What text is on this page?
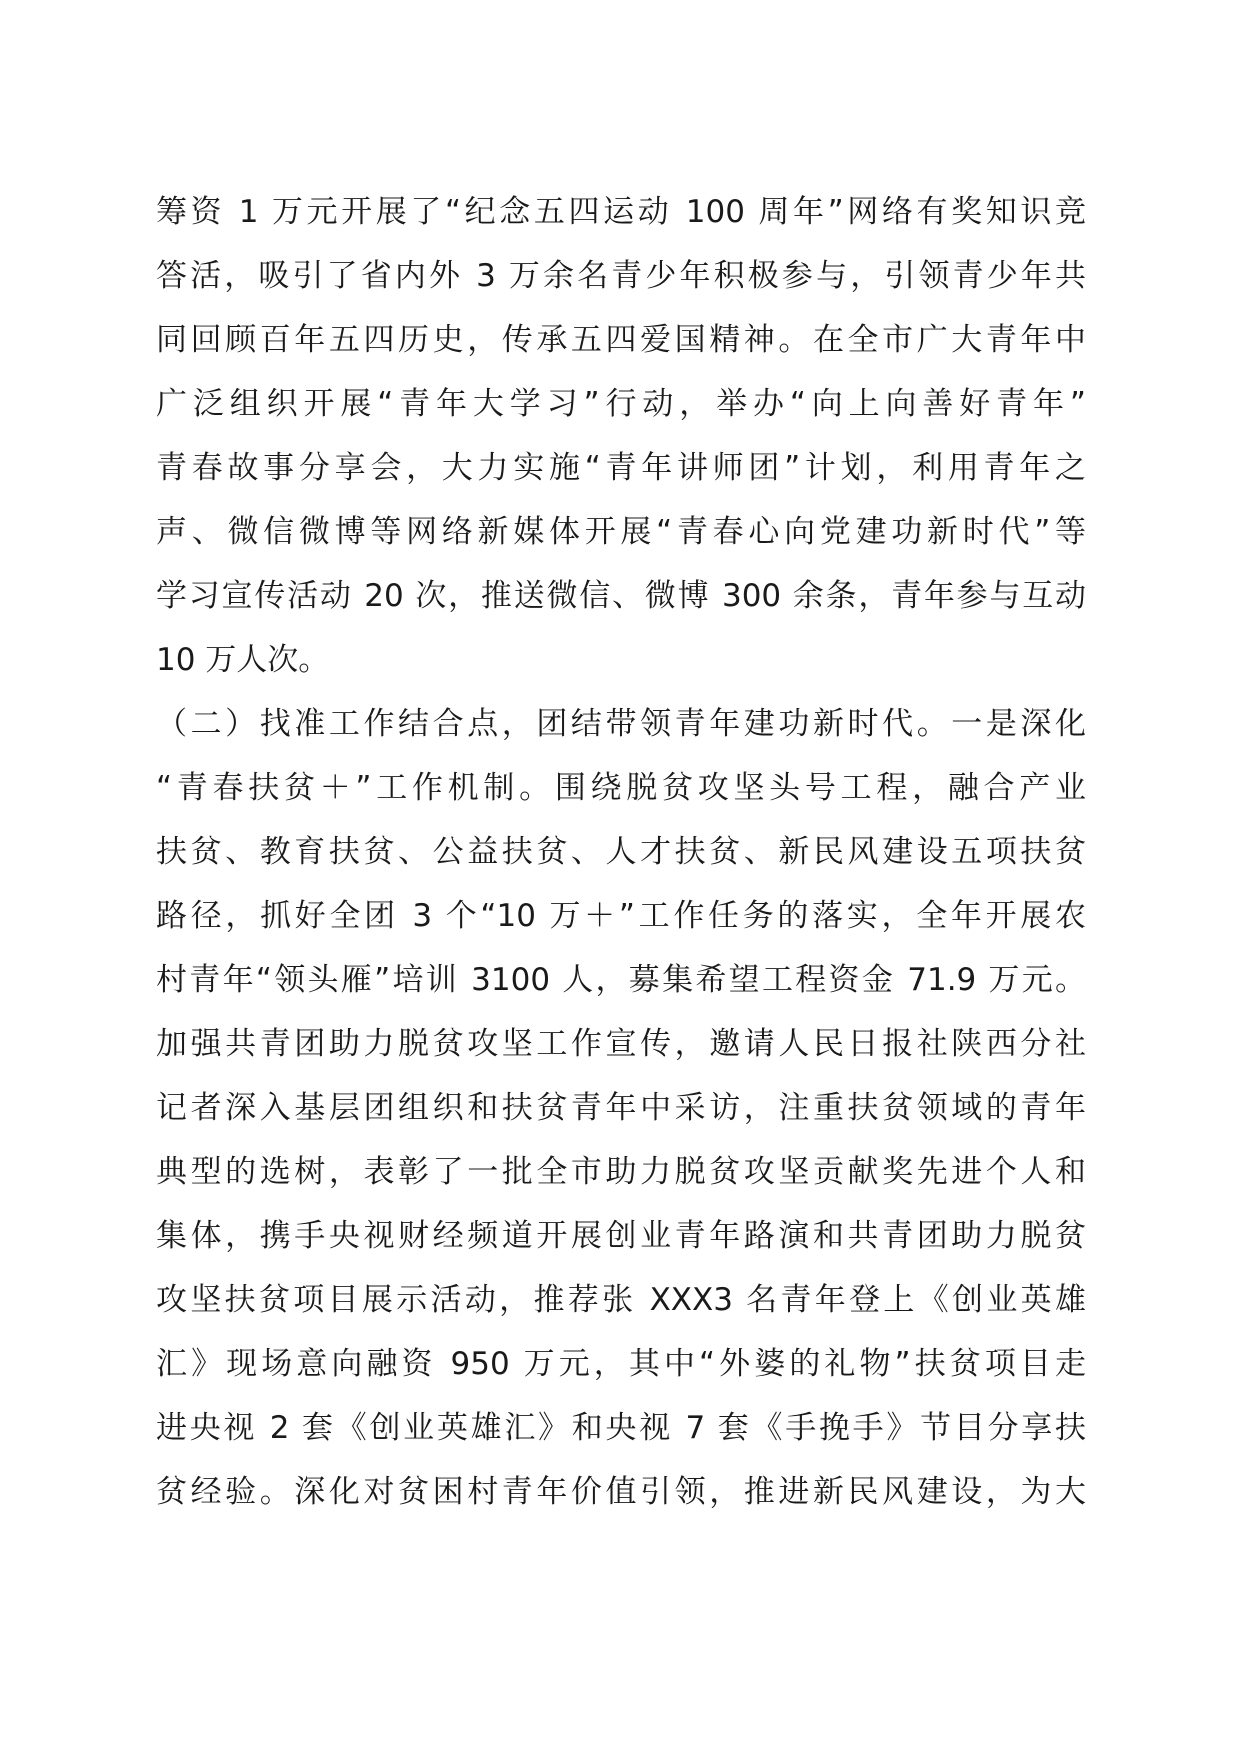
筹资 1 万元开展了“纪念五四运动 100 周年”网络有奖知识竞
答活，吸引了省内外 3 万余名青少年积极参与，引领青少年共
同回顾百年五四历史，传承五四爱国精神。在全市广大青年中
广泛组织开展“青年大学习”行动，举办“向上向善好青年”
青春故事分享会，大力实施“青年讲师团”计划，利用青年之
声、微信微博等网络新媒体开展“青春心向党建功新时代”等
学习宣传活动 20 次，推送微信、微博 300 余条，青年参与互动
10 万人次。
（二）找准工作结合点，团结带领青年建功新时代。一是深化
“青春扶贫＋”工作机制。围绕脱贫攻坚头号工程，融合产业
扶贫、教育扶贫、公益扶贫、人才扶贫、新民风建设五项扶贫
路径，抓好全团 3 个“10 万＋”工作任务的落实，全年开展农
村青年“领头雁”培训 3100 人，募集希望工程资金 71.9 万元。
加强共青团助力脱贫攻坚工作宣传，邀请人民日报社陕西分社
记者深入基层团组织和扶贫青年中采访，注重扶贫领域的青年
典型的选树，表彰了一批全市助力脱贫攻坚贡献奖先进个人和
集体，携手央视财经频道开展创业青年路演和共青团助力脱贫
攻坚扶贫项目展示活动，推荐张 XXX3 名青年登上《创业英雄
汇》现场意向融资 950 万元，其中“外婆的礼物”扶贫项目走
进央视 2 套《创业英雄汇》和央视 7 套《手挽手》节目分享扶
贫经验。深化对贫困村青年价值引领，推进新民风建设，为大
